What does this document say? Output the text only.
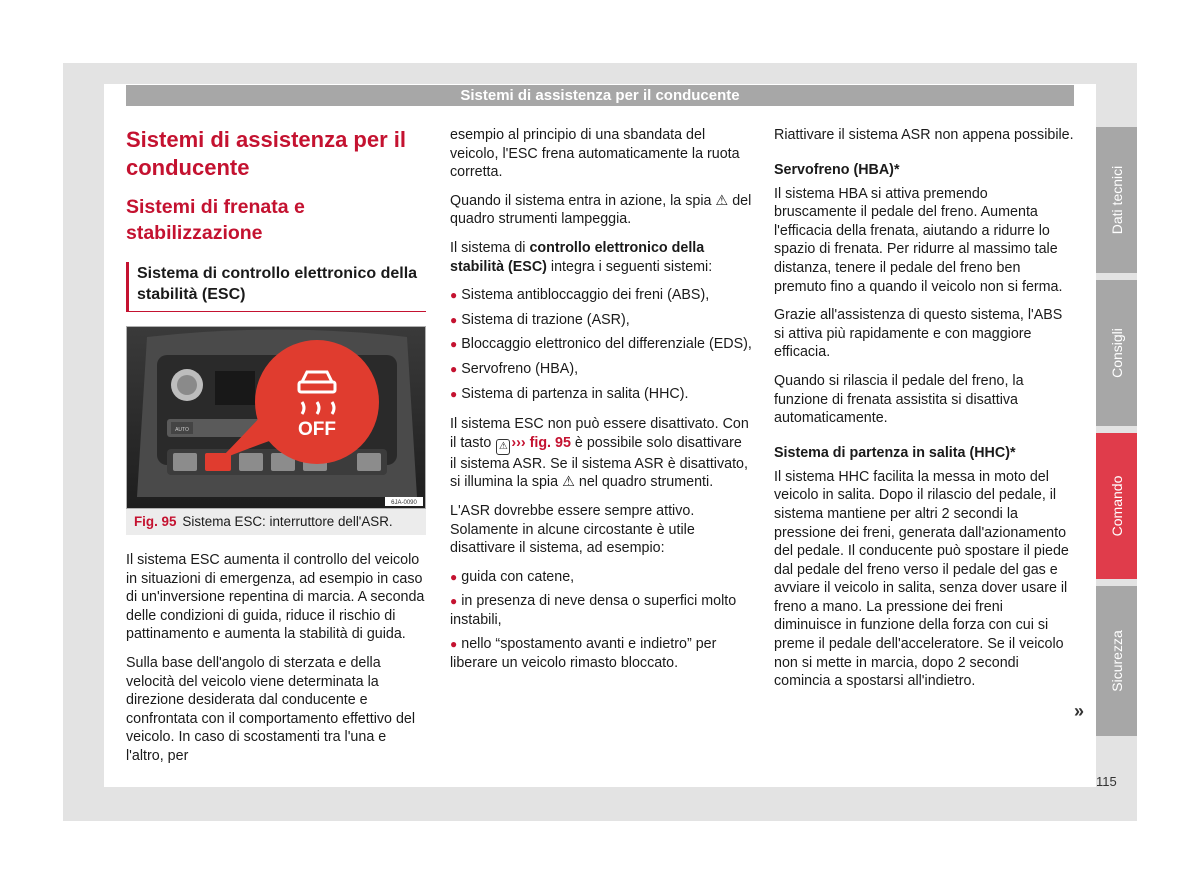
Sistemi di assistenza per il conducente
Sistemi di assistenza per il conducente
Sistemi di frenata e stabilizzazione
Sistema di controllo elettronico della stabilità (ESC)
AUTO	OFF
6JA-0090
Fig. 95 Sistema ESC: interruttore dell'ASR.

Il sistema ESC aumenta il controllo del veicolo in situazioni di emergenza, ad esempio in caso di un'inversione repentina di marcia. A seconda delle condizioni di guida, riduce il rischio di pattinamento e aumenta la stabilità di guida.

Sulla base dell'angolo di sterzata e della velocità del veicolo viene determinata la direzione desiderata dal conducente e confrontata con il comportamento effettivo del veicolo. In caso di scostamenti tra l'una e l'altro, per

esempio al principio di una sbandata del veicolo, l'ESC frena automaticamente la ruota corretta.

Quando il sistema entra in azione, la spia ⚠ del quadro strumenti lampeggia.

Il sistema di controllo elettronico della stabilità (ESC) integra i seguenti sistemi:

● Sistema antibloccaggio dei freni (ABS),
● Sistema di trazione (ASR),
● Bloccaggio elettronico del differenziale (EDS),
● Servofreno (HBA),
● Sistema di partenza in salita (HHC).

Il sistema ESC non può essere disattivato. Con il tasto ⚠ ››› fig. 95 è possibile solo disattivare il sistema ASR. Se il sistema ASR è disattivato, si illumina la spia ⚠ nel quadro strumenti.

L'ASR dovrebbe essere sempre attivo. Solamente in alcune circostante è utile disattivare il sistema, ad esempio:

● guida con catene,
● in presenza di neve densa o superfici molto instabili,
● nello “spostamento avanti e indietro” per liberare un veicolo rimasto bloccato.

Riattivare il sistema ASR non appena possibile.

Servofreno (HBA)*

Il sistema HBA si attiva premendo bruscamente il pedale del freno. Aumenta l'efficacia della frenata, aiutando a ridurre lo spazio di frenata. Per ridurre al massimo tale distanza, tenere il pedale del freno ben premuto fino a quando il veicolo non si ferma.

Grazie all'assistenza di questo sistema, l'ABS si attiva più rapidamente e con maggiore efficacia.

Quando si rilascia il pedale del freno, la funzione di frenata assistita si disattiva automaticamente.

Sistema di partenza in salita (HHC)*

Il sistema HHC facilita la messa in moto del veicolo in salita. Dopo il rilascio del pedale, il sistema mantiene per altri 2 secondi la pressione dei freni, generata dall'azionamento del pedale. Il conducente può spostare il piede dal pedale del freno verso il pedale del gas e avviare il veicolo in salita, senza dover usare il freno a mano. La pressione dei freni diminuisce in funzione della forza con cui si preme il pedale dell'acceleratore. Se il veicolo non si mette in marcia, dopo 2 secondi comincia a spostarsi all'indietro.

»
Dati tecnici
Consigli
Comando
Sicurezza
115
